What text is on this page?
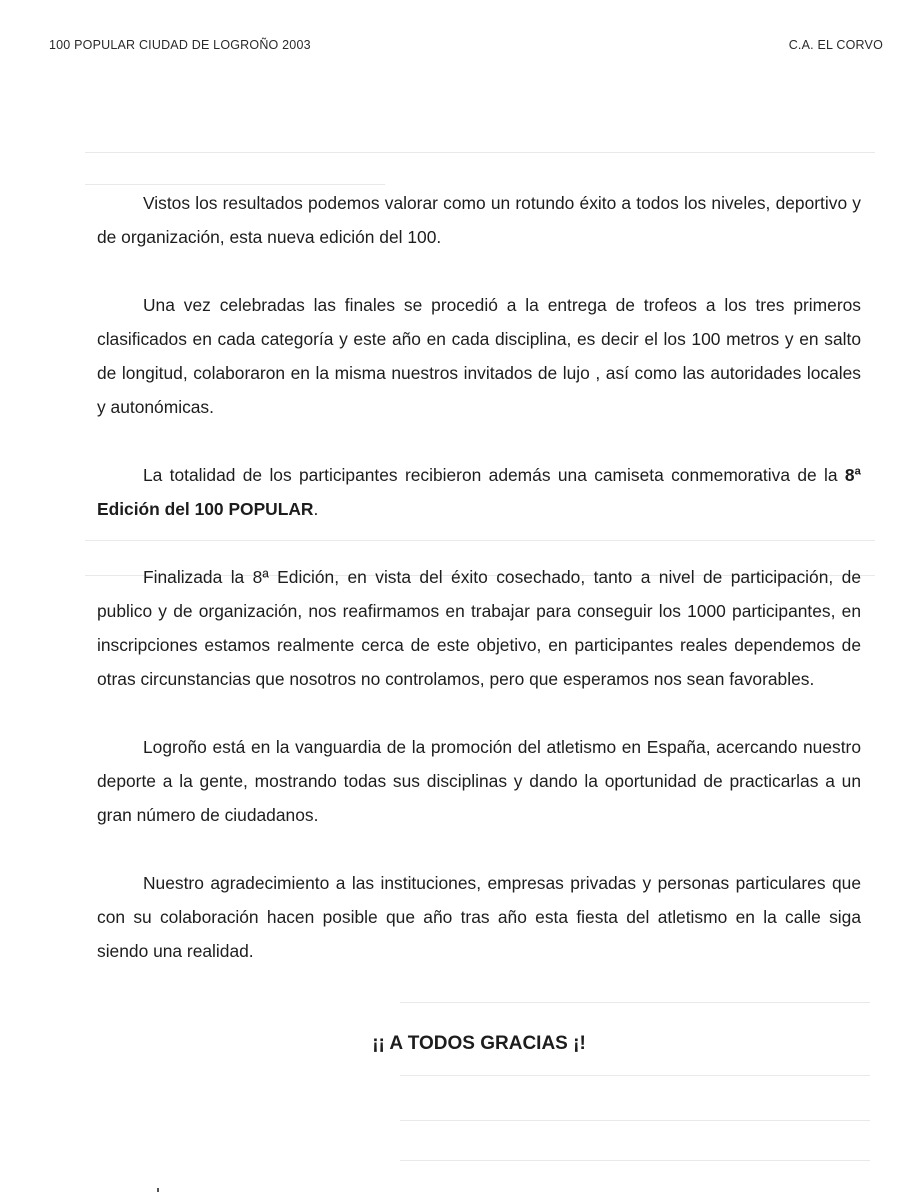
100 POPULAR CIUDAD DE LOGROÑO 2003	C.A. EL CORVO

Vistos los resultados podemos valorar como un rotundo éxito a todos los niveles, deportivo y de organización, esta nueva edición del 100.

Una vez celebradas las finales se procedió a la entrega de trofeos a los tres primeros clasificados en cada categoría y este año en cada disciplina, es decir el los 100 metros y en salto de longitud, colaboraron en la misma nuestros invitados de lujo , así como las autoridades locales y autonómicas.

La totalidad de los participantes recibieron además una camiseta conmemorativa de la 8ª Edición del 100 POPULAR.

Finalizada la 8ª Edición, en vista del éxito cosechado, tanto a nivel de participación, de publico y de organización, nos reafirmamos en trabajar para conseguir los 1000 participantes, en inscripciones estamos realmente cerca de este objetivo, en participantes reales dependemos de otras circunstancias que nosotros no controlamos, pero que esperamos nos sean favorables.

Logroño está en la vanguardia de la promoción del atletismo en España, acercando nuestro deporte a la gente, mostrando todas sus disciplinas y dando la oportunidad de practicarlas a un gran número de ciudadanos.

Nuestro agradecimiento a las instituciones, empresas privadas y personas particulares que con su colaboración hacen posible que año tras año esta fiesta del atletismo en la calle siga siendo una realidad.

¡¡ A TODOS GRACIAS ¡!
